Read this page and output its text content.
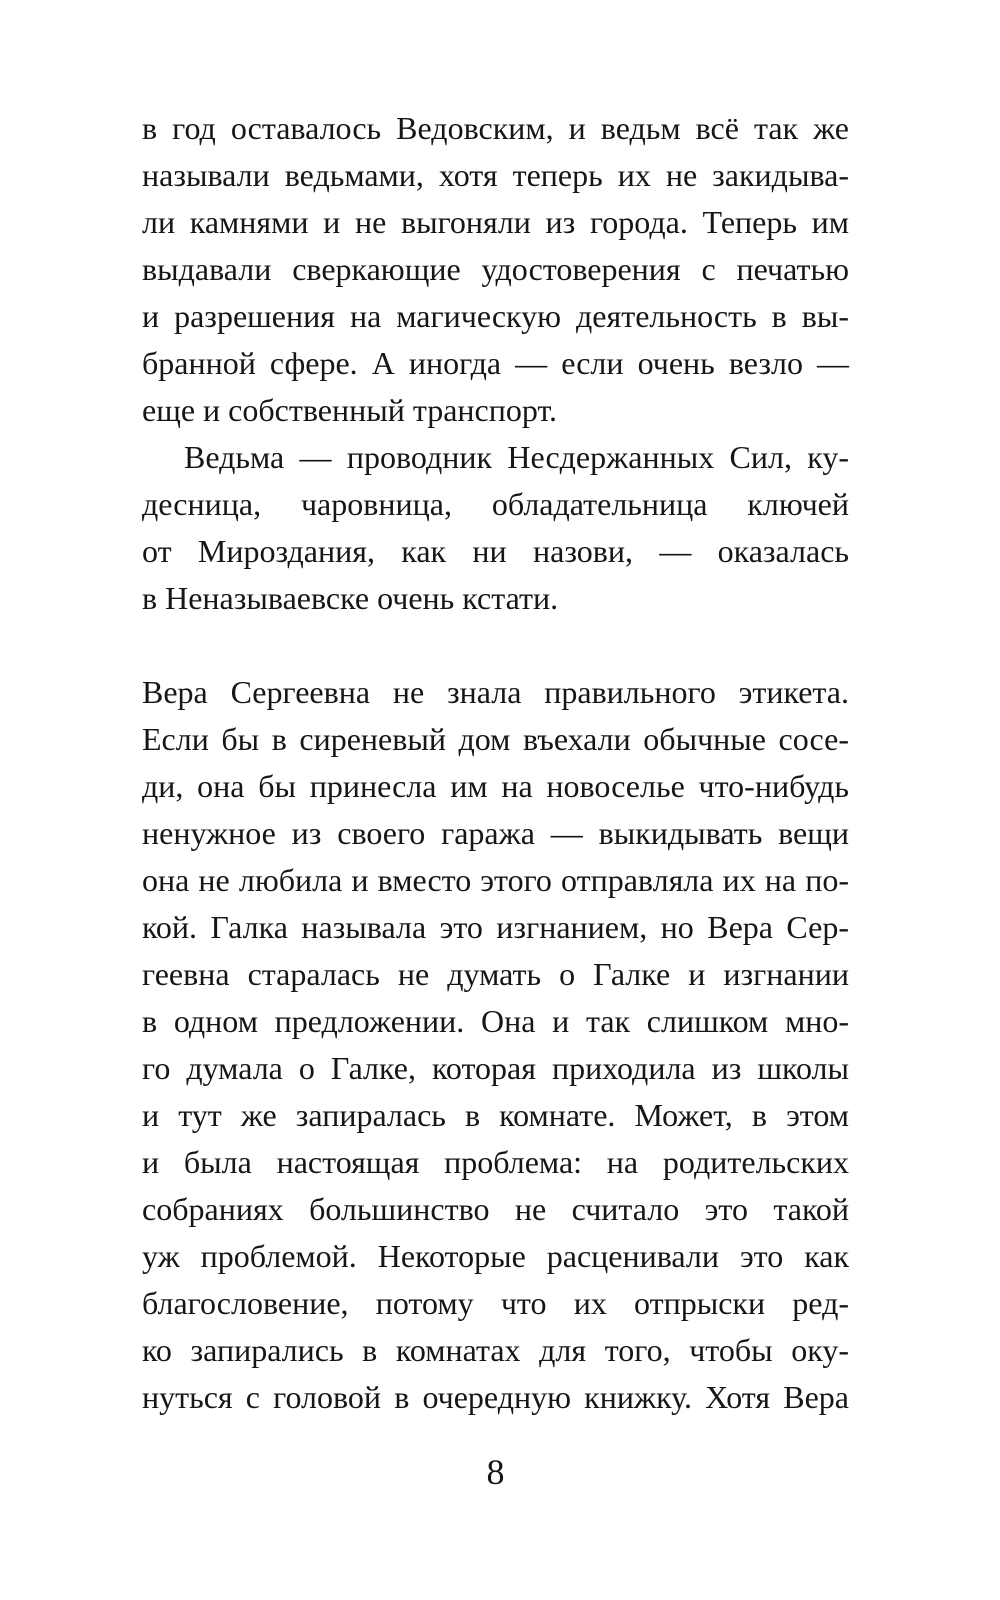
в год оставалось Ведовским, и ведьм всё так же
называли ведьмами, хотя теперь их не закидыва-
ли камнями и не выгоняли из города. Теперь им
выдавали сверкающие удостоверения с печатью
и разрешения на магическую деятельность в вы-
бранной сфере. А иногда — если очень везло —
еще и собственный транспорт.
Ведьма — проводник Несдержанных Сил, ку-
десница, чаровница, обладательница ключей
от Мироздания, как ни назови, — оказалась
в Неназываевске очень кстати.
Вера Сергеевна не знала правильного этикета.
Если бы в сиреневый дом въехали обычные сосе-
ди, она бы принесла им на новоселье что-нибудь
ненужное из своего гаража — выкидывать вещи
она не любила и вместо этого отправляла их на по-
кой. Галка называла это изгнанием, но Вера Сер-
геевна старалась не думать о Галке и изгнании
в одном предложении. Она и так слишком мно-
го думала о Галке, которая приходила из школы
и тут же запиралась в комнате. Может, в этом
и была настоящая проблема: на родительских
собраниях большинство не считало это такой
уж проблемой. Некоторые расценивали это как
благословение, потому что их отпрыски ред-
ко запирались в комнатах для того, чтобы оку-
нуться с головой в очередную книжку. Хотя Вера
8
